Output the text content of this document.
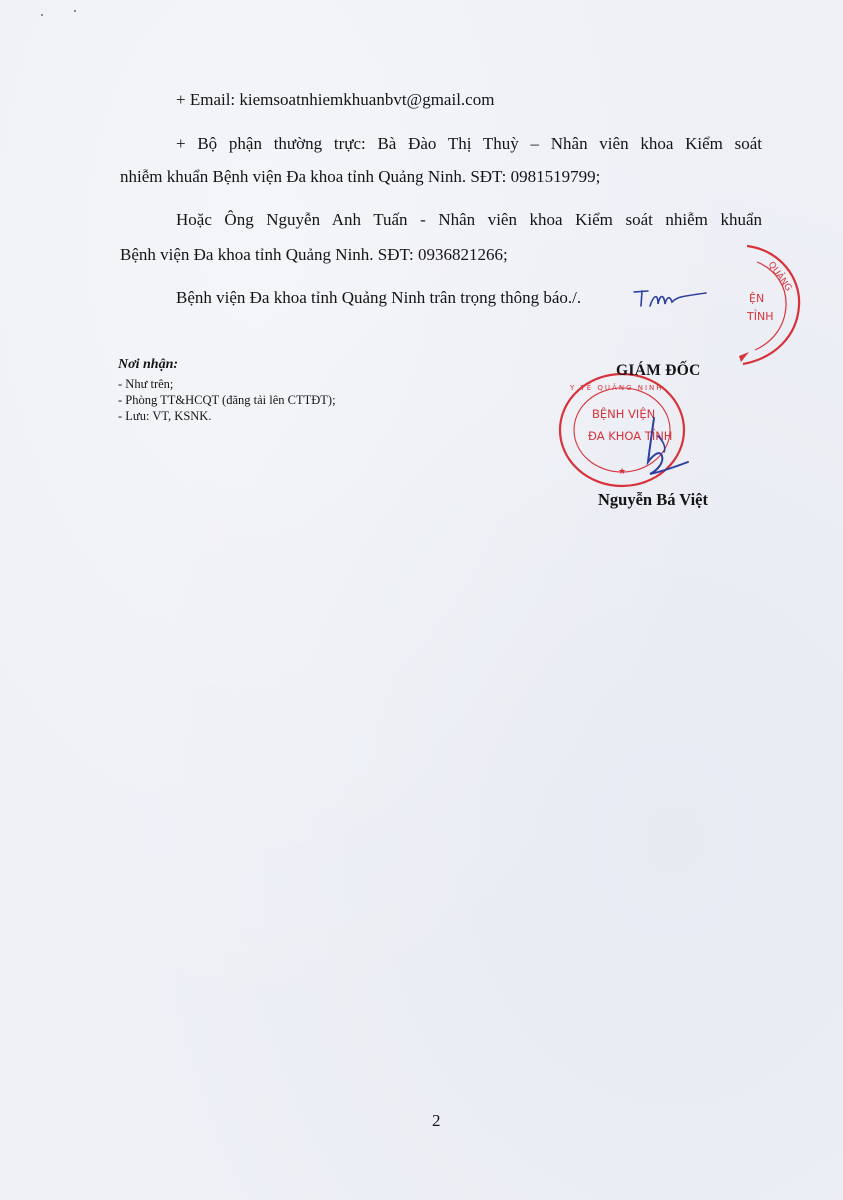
+ Email: kiemsoatnhiemkhuanbvt@gmail.com
+ Bộ phận thường trực: Bà Đào Thị Thuỳ – Nhân viên khoa Kiểm soát
nhiễm khuẩn Bệnh viện Đa khoa tỉnh Quảng Ninh. SĐT: 0981519799;
Hoặc Ông Nguyễn Anh Tuấn - Nhân viên khoa Kiểm soát nhiễm khuẩn
Bệnh viện Đa khoa tỉnh Quảng Ninh. SĐT: 0936821266;
Bệnh viện Đa khoa tỉnh Quảng Ninh trân trọng thông báo./.
QUẢNG
ỆN
TỈNH
Nơi nhận:
- Như trên;
- Phòng TT&HCQT (đăng tải lên CTTĐT);
- Lưu: VT, KSNK.	BỆNH VIỆN
ĐA KHOA TỈNH
Y TẾ QUẢNG NINH
★
GIÁM ĐỐC
Nguyễn Bá Việt
2
